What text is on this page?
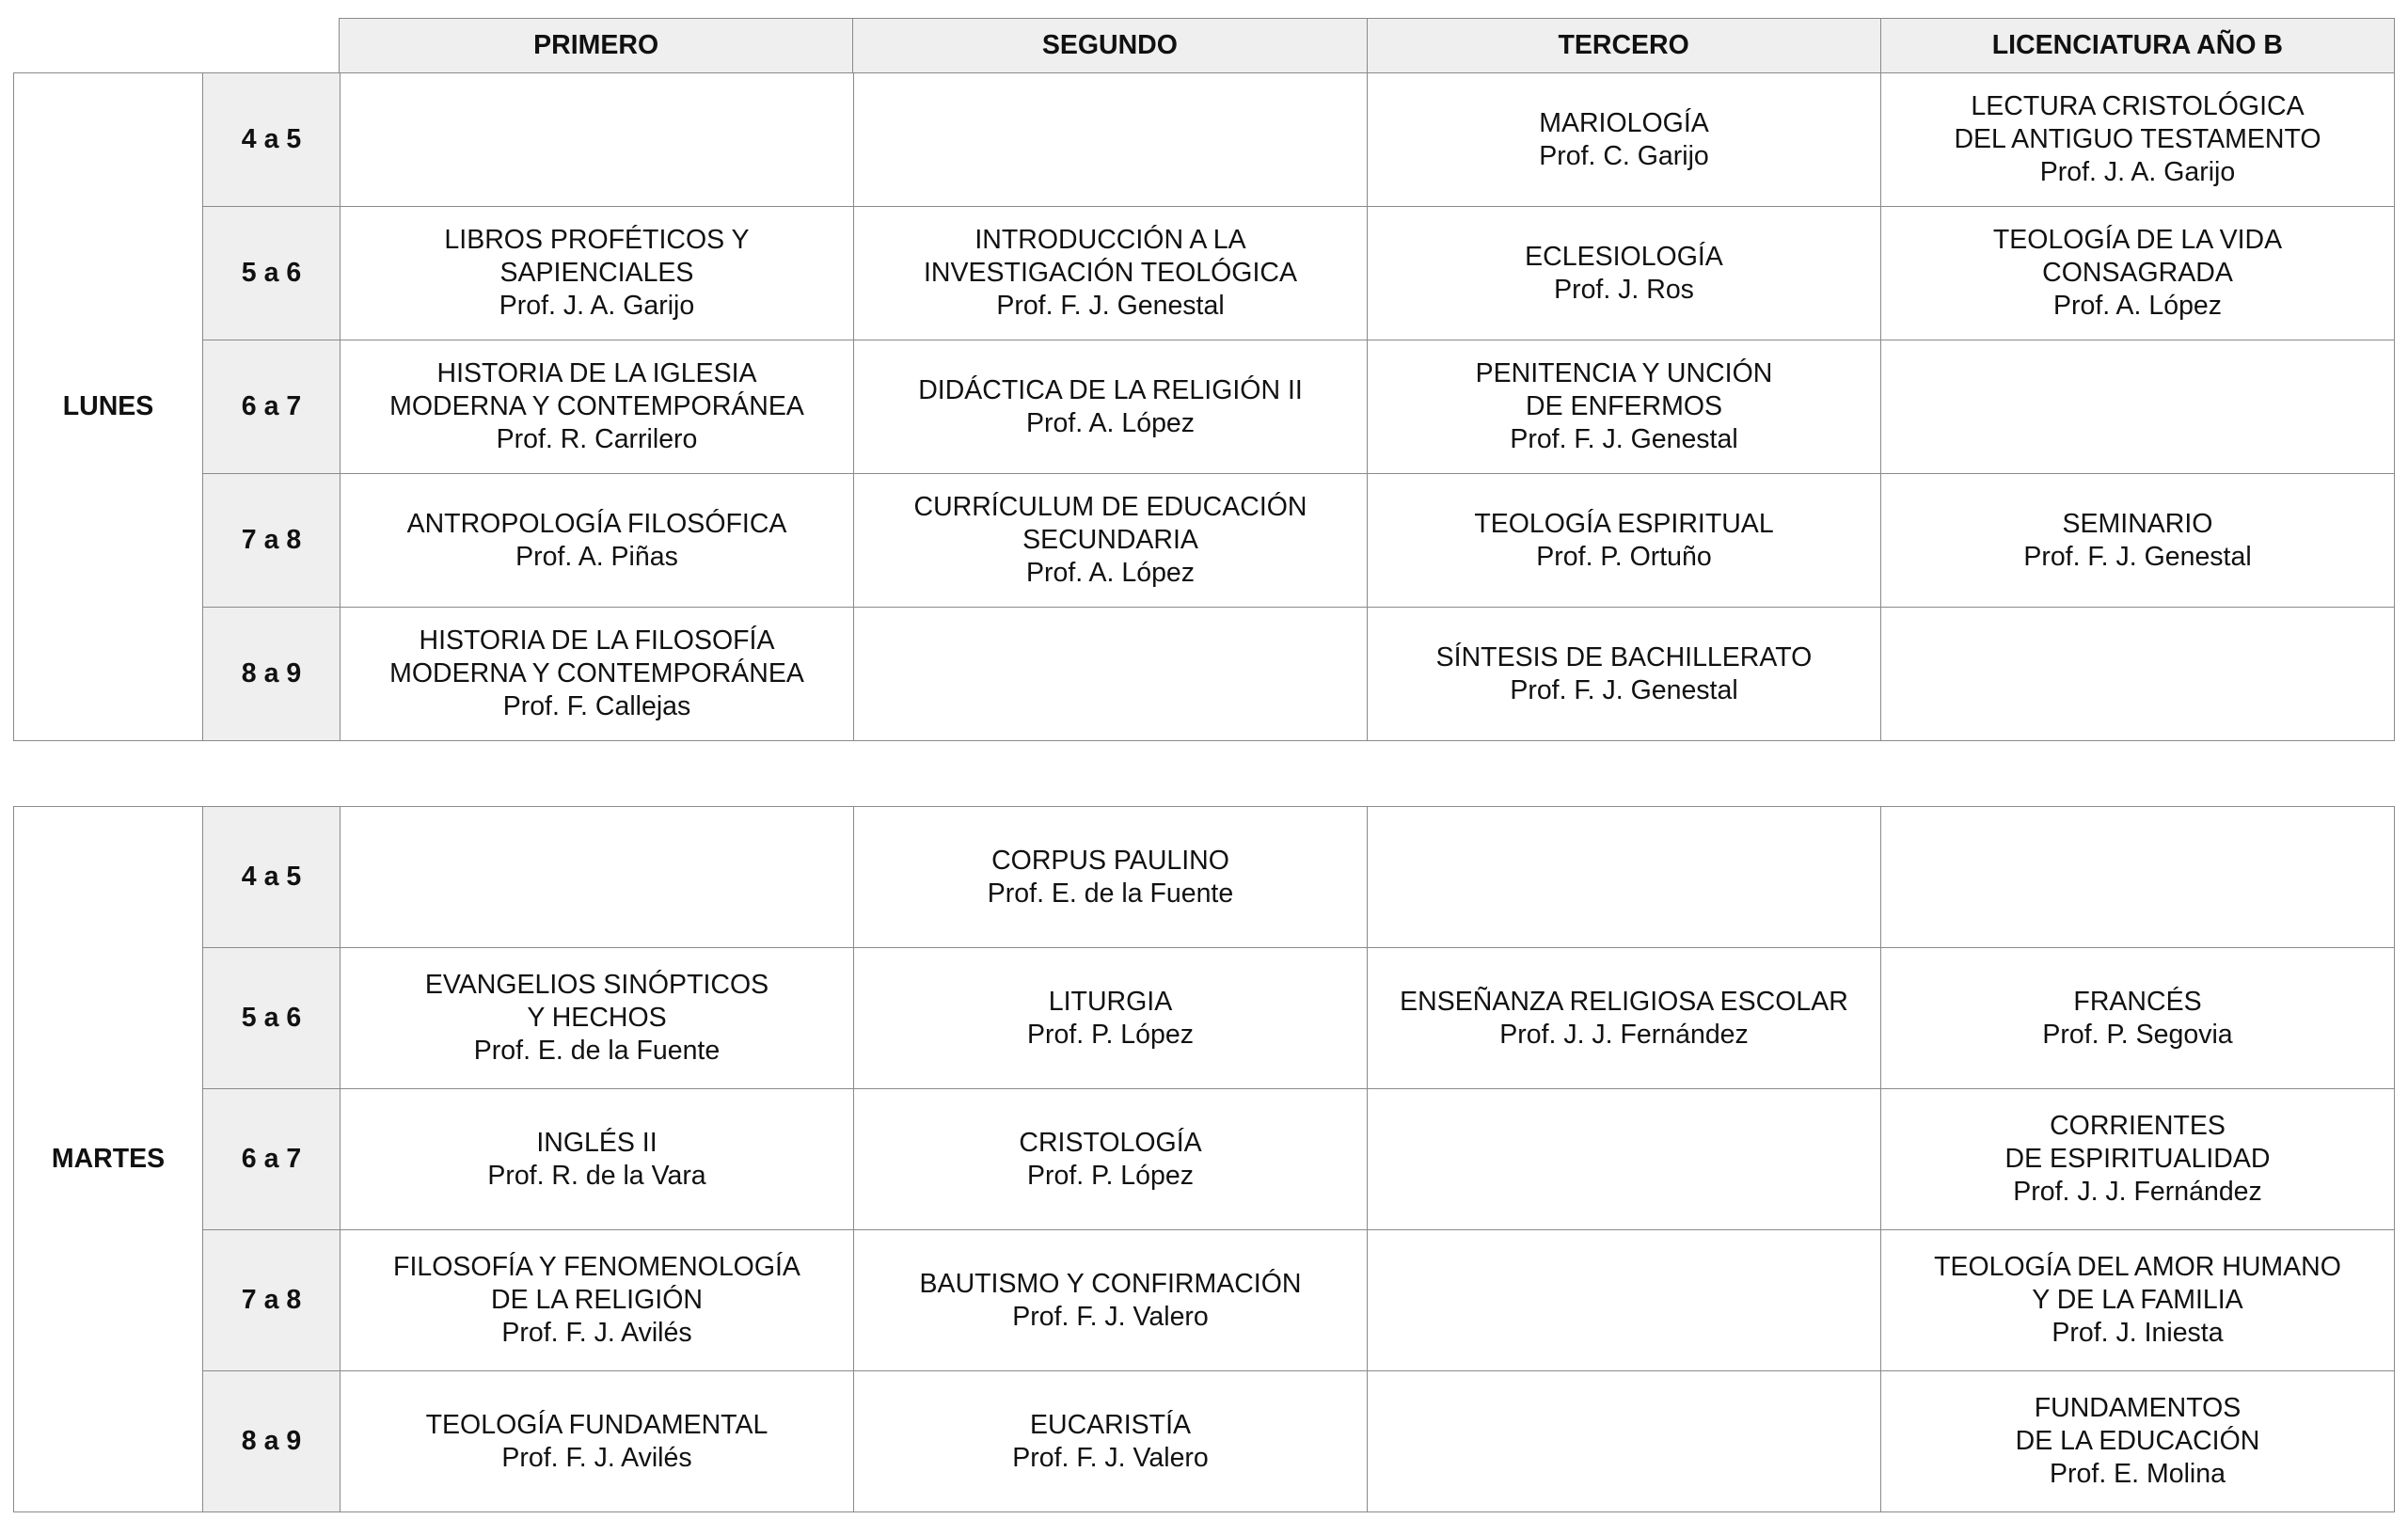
PRIMERO	SEGUNDO	TERCERO	LICENCIATURA AÑO B
LUNES	4 a 5			MARIOLOGÍA
Prof. C. Garijo	LECTURA CRISTOLÓGICA
DEL ANTIGUO TESTAMENTO
Prof. J. A. Garijo

	5 a 6	LIBROS PROFÉTICOS Y
SAPIENCIALES
Prof. J. A. Garijo	INTRODUCCIÓN A LA
INVESTIGACIÓN TEOLÓGICA
Prof. F. J. Genestal	ECLESIOLOGÍA
Prof. J. Ros	TEOLOGÍA DE LA VIDA
CONSAGRADA
Prof. A. López

	6 a 7	HISTORIA DE LA IGLESIA
MODERNA Y CONTEMPORÁNEA
Prof. R. Carrilero	DIDÁCTICA DE LA RELIGIÓN II
Prof. A. López	PENITENCIA Y UNCIÓN
DE ENFERMOS
Prof. F. J. Genestal	

	7 a 8	ANTROPOLOGÍA FILOSÓFICA
Prof. A. Piñas	CURRÍCULUM DE EDUCACIÓN
SECUNDARIA
Prof. A. López	TEOLOGÍA ESPIRITUAL
Prof. P. Ortuño	SEMINARIO
Prof. F. J. Genestal

	8 a 9	HISTORIA DE LA FILOSOFÍA
MODERNA Y CONTEMPORÁNEA
Prof. F. Callejas		SÍNTESIS DE BACHILLERATO
Prof. F. J. Genestal	

MARTES	4 a 5		CORPUS PAULINO
Prof. E. de la Fuente		

	5 a 6	EVANGELIOS SINÓPTICOS
Y HECHOS
Prof. E. de la Fuente	LITURGIA
Prof. P. López	ENSEÑANZA RELIGIOSA ESCOLAR
Prof. J. J. Fernández	FRANCÉS
Prof. P. Segovia

	6 a 7	INGLÉS II
Prof. R. de la Vara	CRISTOLOGÍA
Prof. P. López		CORRIENTES
DE ESPIRITUALIDAD
Prof. J. J. Fernández

	7 a 8	FILOSOFÍA Y FENOMENOLOGÍA
DE LA RELIGIÓN
Prof. F. J. Avilés	BAUTISMO Y CONFIRMACIÓN
Prof. F. J. Valero		TEOLOGÍA DEL AMOR HUMANO
Y DE LA FAMILIA
Prof. J. Iniesta

	8 a 9	TEOLOGÍA FUNDAMENTAL
Prof. F. J. Avilés	EUCARISTÍA
Prof. F. J. Valero		FUNDAMENTOS
DE LA EDUCACIÓN
Prof. E. Molina
